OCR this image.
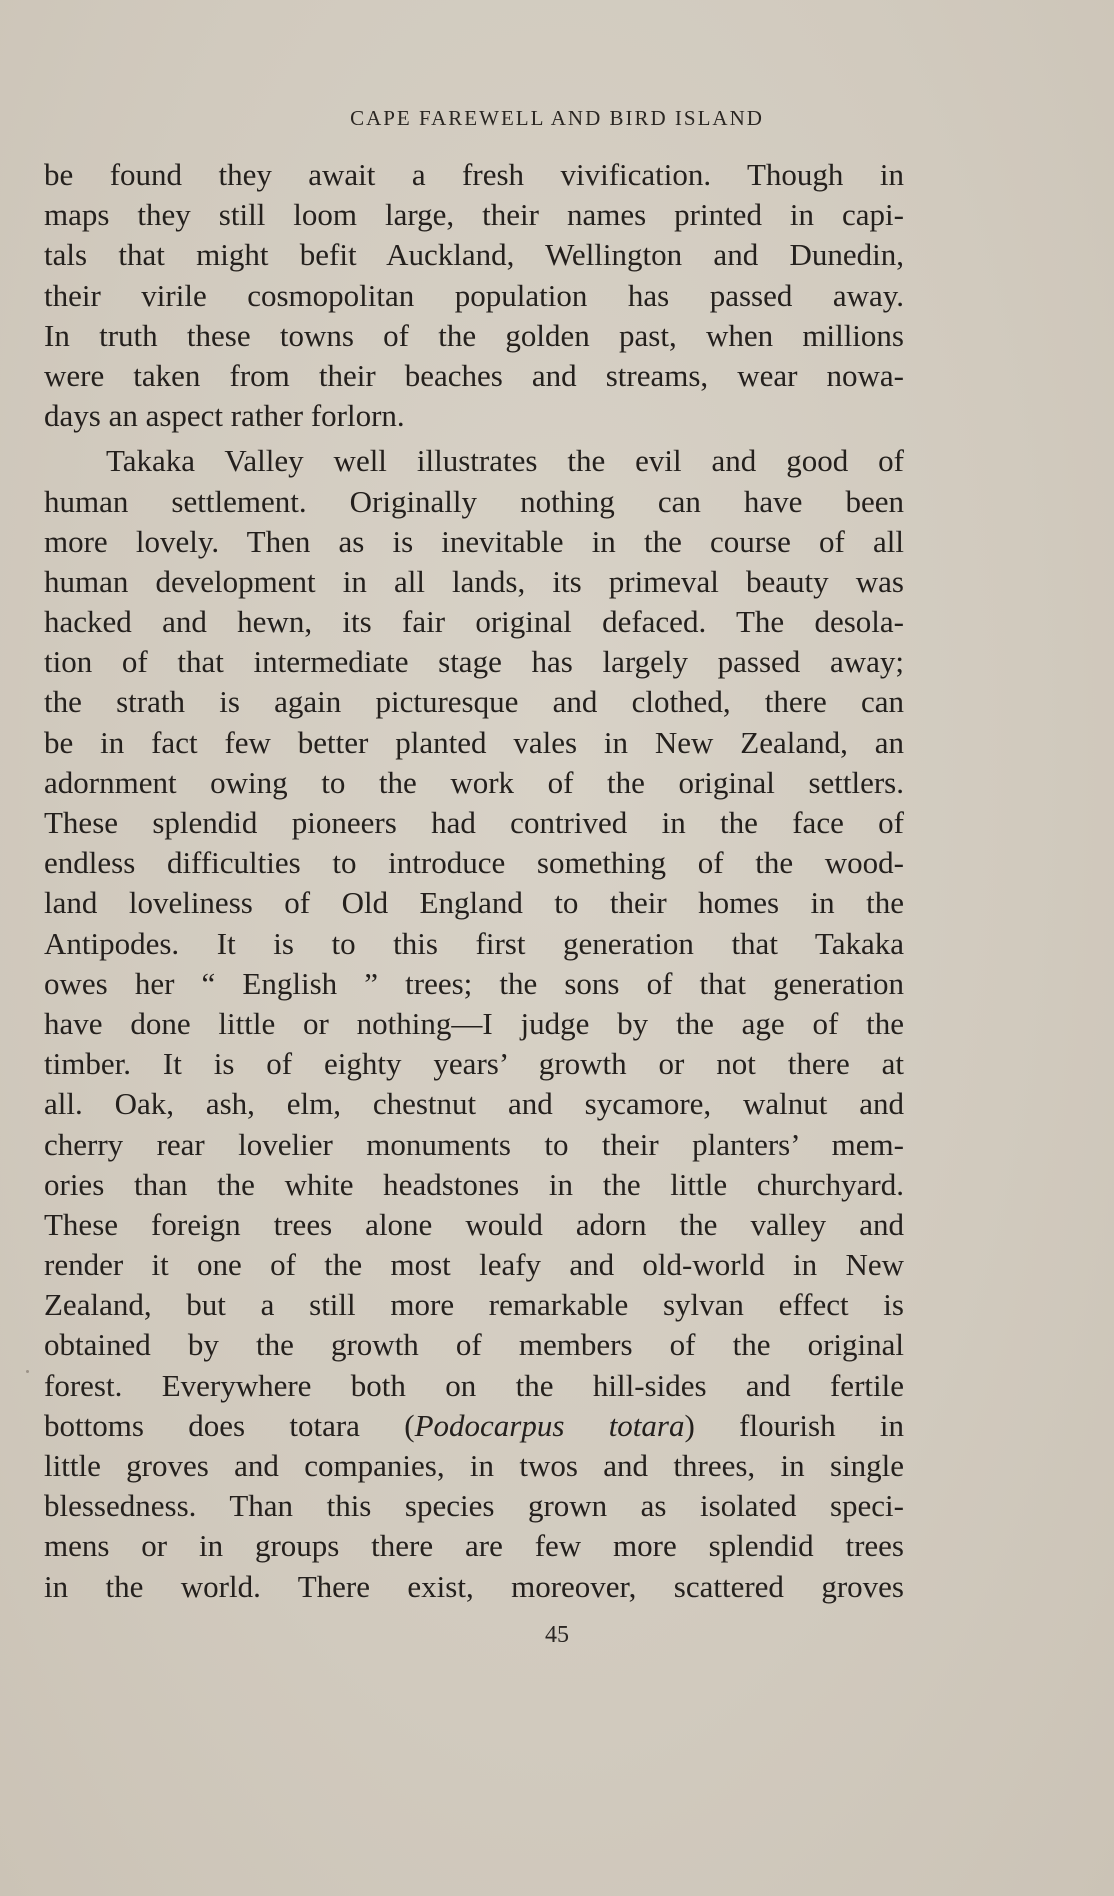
CAPE FAREWELL AND BIRD ISLAND
be found they await a fresh vivification. Though in
maps they still loom large, their names printed in capi-
tals that might befit Auckland, Wellington and Dunedin,
their virile cosmopolitan population has passed away.
In truth these towns of the golden past, when millions
were taken from their beaches and streams, wear nowa-
days an aspect rather forlorn.
Takaka Valley well illustrates the evil and good of
human settlement. Originally nothing can have been
more lovely. Then as is inevitable in the course of all
human development in all lands, its primeval beauty was
hacked and hewn, its fair original defaced. The desola-
tion of that intermediate stage has largely passed away;
the strath is again picturesque and clothed, there can
be in fact few better planted vales in New Zealand, an
adornment owing to the work of the original settlers.
These splendid pioneers had contrived in the face of
endless difficulties to introduce something of the wood-
land loveliness of Old England to their homes in the
Antipodes. It is to this first generation that Takaka
owes her “ English ” trees; the sons of that generation
have done little or nothing—I judge by the age of the
timber. It is of eighty years’ growth or not there at
all. Oak, ash, elm, chestnut and sycamore, walnut and
cherry rear lovelier monuments to their planters’ mem-
ories than the white headstones in the little churchyard.
These foreign trees alone would adorn the valley and
render it one of the most leafy and old-world in New
Zealand, but a still more remarkable sylvan effect is
obtained by the growth of members of the original
forest. Everywhere both on the hill-sides and fertile
bottoms does totara (Podocarpus totara) flourish in
little groves and companies, in twos and threes, in single
blessedness. Than this species grown as isolated speci-
mens or in groups there are few more splendid trees
in the world. There exist, moreover, scattered groves
45
